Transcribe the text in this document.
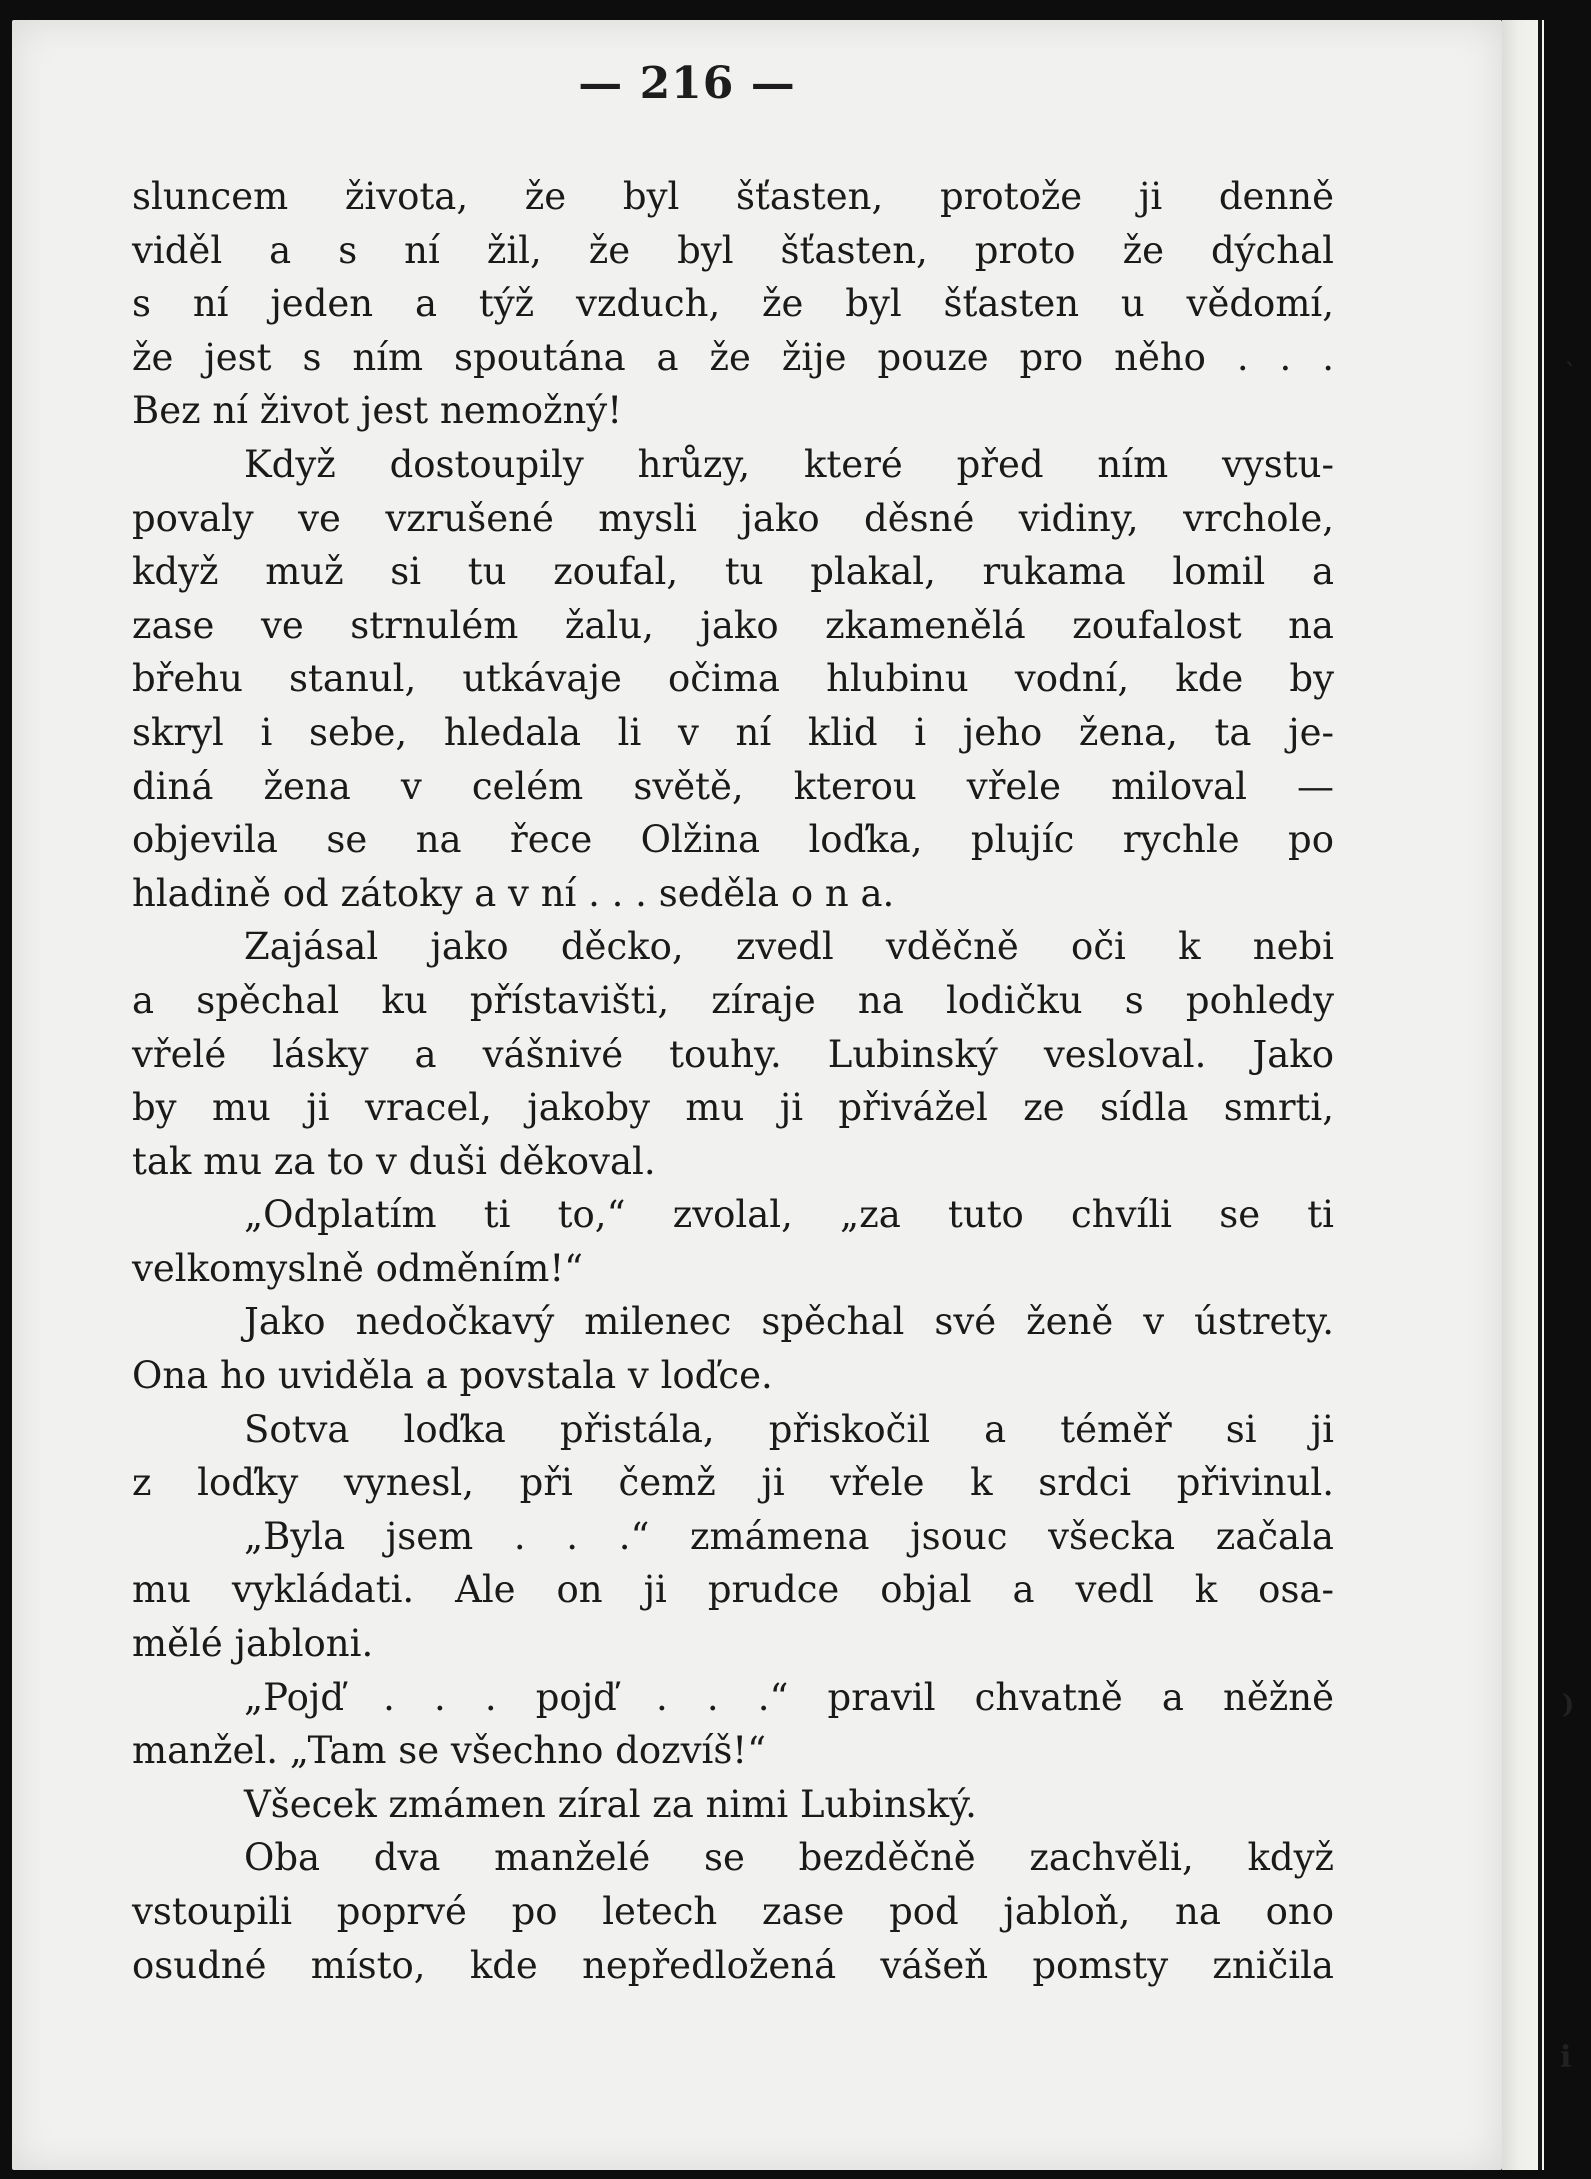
— 216 —
sluncem života, že byl šťasten, protože ji denně
viděl a s ní žil, že byl šťasten, proto že dýchal
s ní jeden a týž vzduch, že byl šťasten u vědomí,
že jest s ním spoutána a že žije pouze pro něho . . .
Bez ní život jest nemožný!
Když dostoupily hrůzy, které před ním vystu-
povaly ve vzrušené mysli jako děsné vidiny, vrchole,
když muž si tu zoufal, tu plakal, rukama lomil a
zase ve strnulém žalu, jako zkamenělá zoufalost na
břehu stanul, utkávaje očima hlubinu vodní, kde by
skryl i sebe, hledala li v ní klid i jeho žena, ta je-
diná žena v celém světě, kterou vřele miloval —
objevila se na řece Olžina loďka, plujíc rychle po
hladině od zátoky a v ní . . . seděla o n a.
Zajásal jako děcko, zvedl vděčně oči k nebi
a spěchal ku přístavišti, zíraje na lodičku s pohledy
vřelé lásky a vášnivé touhy. Lubinský vesloval. Jako
by mu ji vracel, jakoby mu ji přivážel ze sídla smrti,
tak mu za to v duši děkoval.
„Odplatím ti to,“ zvolal, „za tuto chvíli se ti
velkomyslně odměním!“
Jako nedočkavý milenec spěchal své ženě v ústrety.
Ona ho uviděla a povstala v loďce.
Sotva loďka přistála, přiskočil a téměř si ji
z loďky vynesl, při čemž ji vřele k srdci přivinul.
„Byla jsem . . .“ zmámena jsouc všecka začala
mu vykládati. Ale on ji prudce objal a vedl k osa-
mělé jabloni.
„Pojď . . . pojď . . .“ pravil chvatně a něžně
manžel. „Tam se všechno dozvíš!“
Všecek zmámen zíral za nimi Lubinský.
Oba dva manželé se bezděčně zachvěli, když
vstoupili poprvé po letech zase pod jabloň, na ono
osudné místo, kde nepředložená vášeň pomsty zničila
`
)
i
